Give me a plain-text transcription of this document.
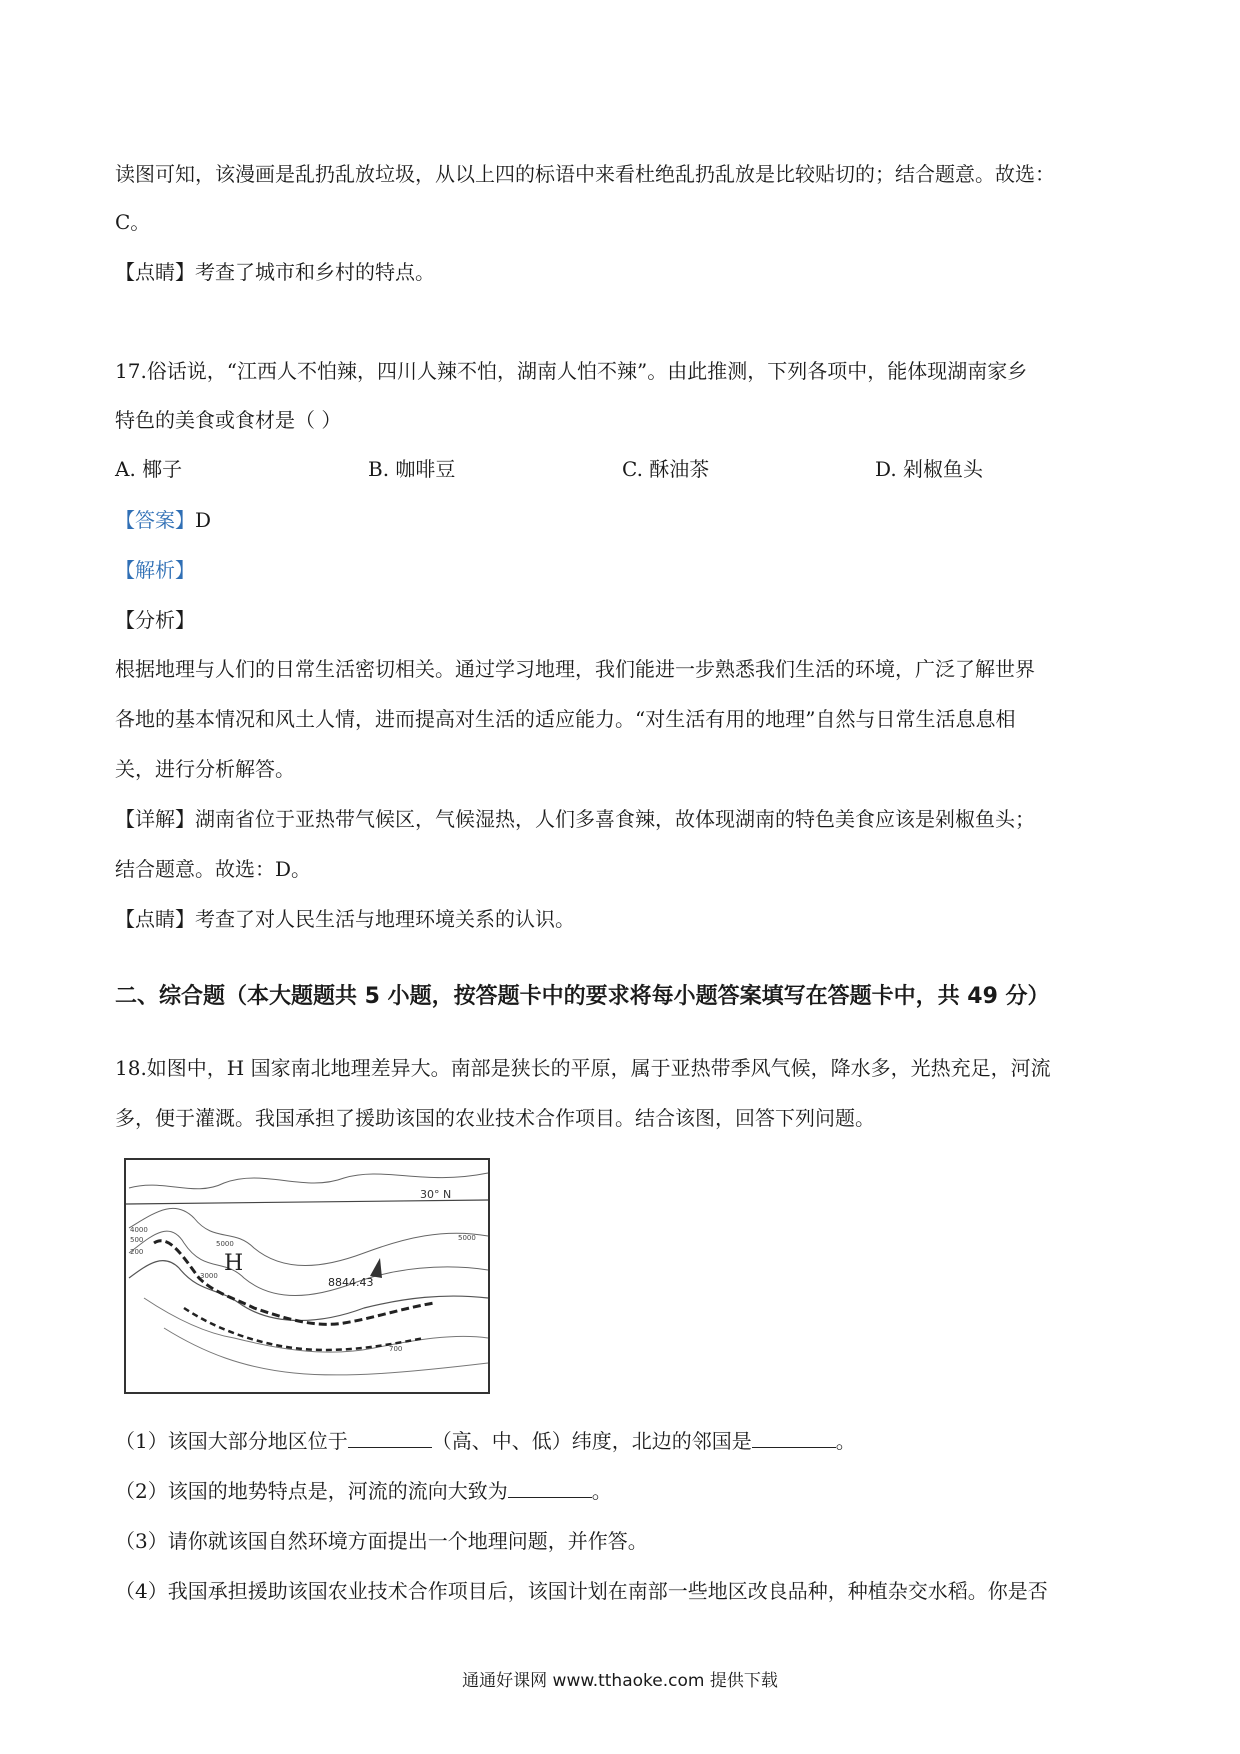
读图可知，该漫画是乱扔乱放垃圾，从以上四的标语中来看杜绝乱扔乱放是比较贴切的；结合题意。故选：
C。
【点睛】考查了城市和乡村的特点。
17.俗话说，“江西人不怕辣，四川人辣不怕，湖南人怕不辣”。由此推测，下列各项中，能体现湖南家乡
特色的美食或食材是（ ）
A. 椰子	B. 咖啡豆	C. 酥油茶	D. 剁椒鱼头
【答案】D
【解析】
【分析】
根据地理与人们的日常生活密切相关。通过学习地理，我们能进一步熟悉我们生活的环境，广泛了解世界
各地的基本情况和风土人情，进而提高对生活的适应能力。“对生活有用的地理”自然与日常生活息息相
关，进行分析解答。
【详解】湖南省位于亚热带气候区，气候湿热，人们多喜食辣，故体现湖南的特色美食应该是剁椒鱼头；
结合题意。故选：D。
【点睛】考查了对人民生活与地理环境关系的认识。
二、综合题（本大题题共 5 小题，按答题卡中的要求将每小题答案填写在答题卡中，共 49 分）
18.如图中，H 国家南北地理差异大。南部是狭长的平原，属于亚热带季风气候，降水多，光热充足，河流
多，便于灌溉。我国承担了援助该国的农业技术合作项目。结合该图，回答下列问题。
30° N
H
8844.43
4000
500
200
5000
3000
5000
700
（1）该国大部分地区位于	（高、中、低）纬度，北边的邻国是	。
（2）该国的地势特点是，河流的流向大致为	。
（3）请你就该国自然环境方面提出一个地理问题，并作答。
（4）我国承担援助该国农业技术合作项目后，该国计划在南部一些地区改良品种，种植杂交水稻。你是否
通通好课网 www.tthaoke.com 提供下载
